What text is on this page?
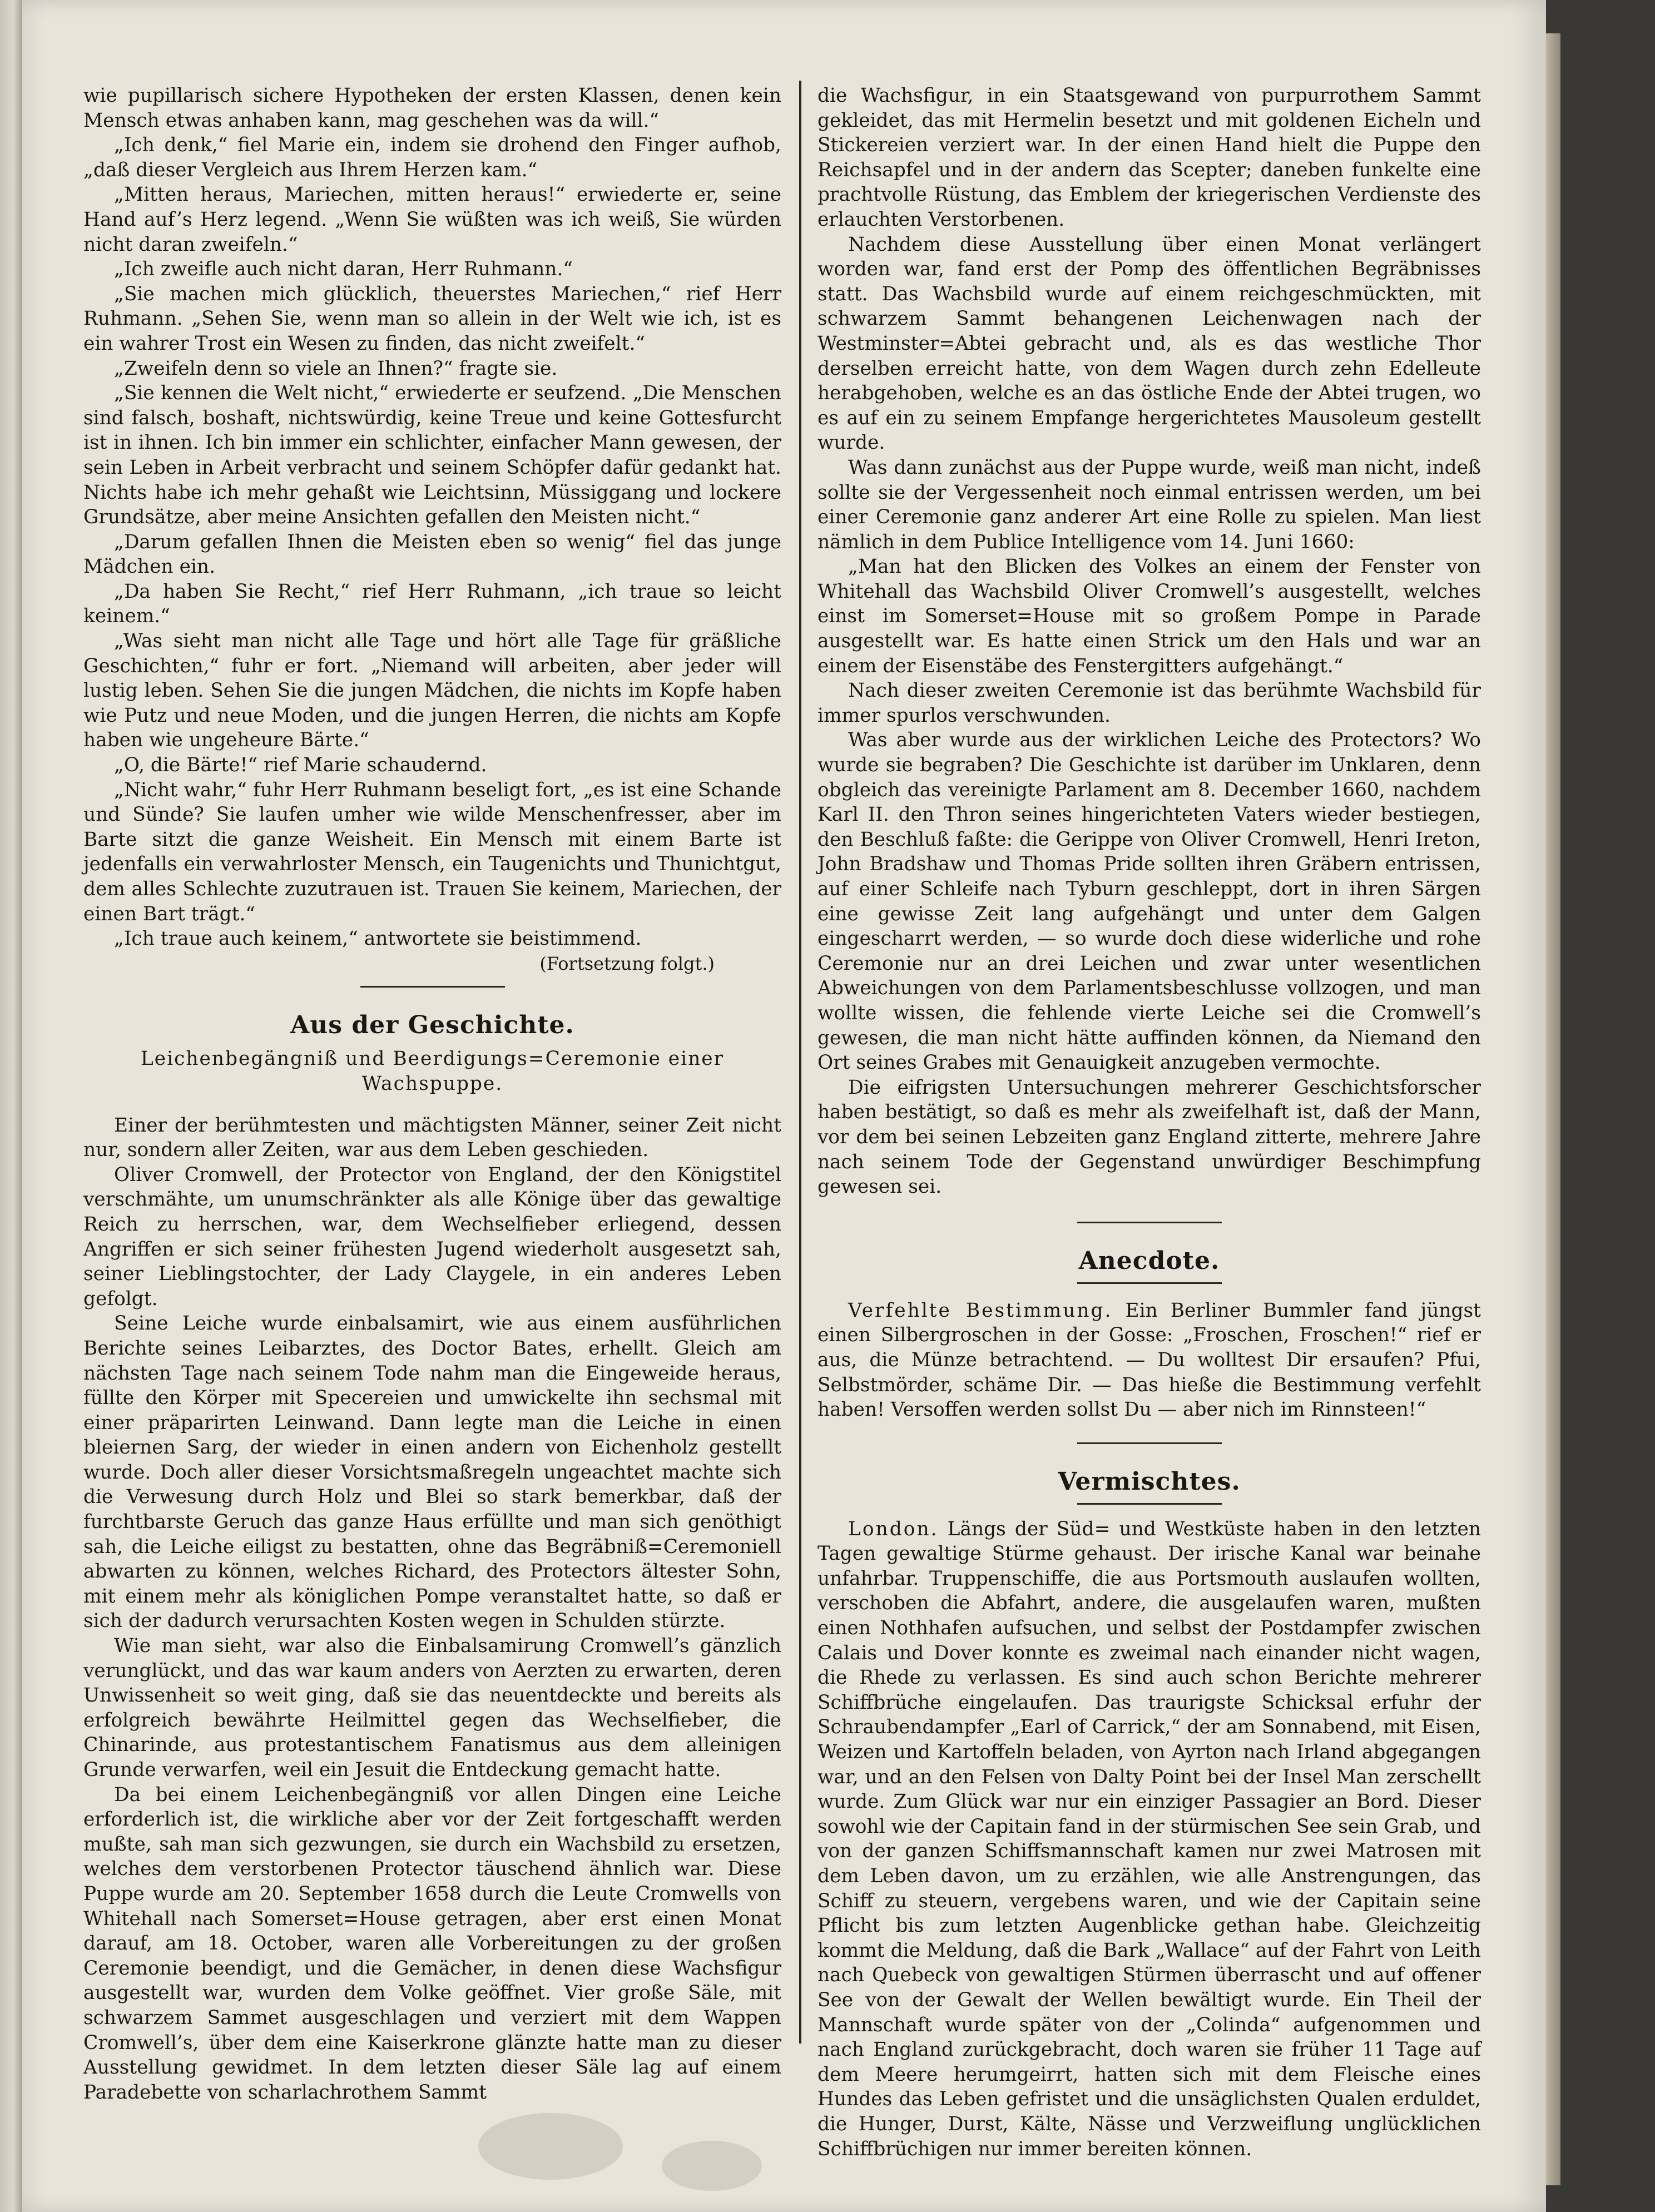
wie pupillarisch sichere Hypotheken der ersten Klassen, denen kein Mensch etwas anhaben kann, mag geschehen was da will.“

„Ich denk,“ fiel Marie ein, indem sie drohend den Finger aufhob, „daß dieser Vergleich aus Ihrem Herzen kam.“

„Mitten heraus, Mariechen, mitten heraus!“ erwiederte er, seine Hand auf’s Herz legend. „Wenn Sie wüßten was ich weiß, Sie würden nicht daran zweifeln.“

„Ich zweifle auch nicht daran, Herr Ruhmann.“

„Sie machen mich glücklich, theuerstes Mariechen,“ rief Herr Ruhmann. „Sehen Sie, wenn man so allein in der Welt wie ich, ist es ein wahrer Trost ein Wesen zu finden, das nicht zweifelt.“

„Zweifeln denn so viele an Ihnen?“ fragte sie.

„Sie kennen die Welt nicht,“ erwiederte er seufzend. „Die Menschen sind falsch, boshaft, nichtswürdig, keine Treue und keine Gottesfurcht ist in ihnen. Ich bin immer ein schlichter, einfacher Mann gewesen, der sein Leben in Arbeit verbracht und seinem Schöpfer dafür gedankt hat. Nichts habe ich mehr gehaßt wie Leichtsinn, Müssiggang und lockere Grundsätze, aber meine Ansichten gefallen den Meisten nicht.“

„Darum gefallen Ihnen die Meisten eben so wenig“ fiel das junge Mädchen ein.

„Da haben Sie Recht,“ rief Herr Ruhmann, „ich traue so leicht keinem.“

„Was sieht man nicht alle Tage und hört alle Tage für gräßliche Geschichten,“ fuhr er fort. „Niemand will arbeiten, aber jeder will lustig leben. Sehen Sie die jungen Mädchen, die nichts im Kopfe haben wie Putz und neue Moden, und die jungen Herren, die nichts am Kopfe haben wie ungeheure Bärte.“

„O, die Bärte!“ rief Marie schaudernd.

„Nicht wahr,“ fuhr Herr Ruhmann beseligt fort, „es ist eine Schande und Sünde? Sie laufen umher wie wilde Menschenfresser, aber im Barte sitzt die ganze Weisheit. Ein Mensch mit einem Barte ist jedenfalls ein verwahrloster Mensch, ein Taugenichts und Thunichtgut, dem alles Schlechte zuzutrauen ist. Trauen Sie keinem, Mariechen, der einen Bart trägt.“

„Ich traue auch keinem,“ antwortete sie beistimmend.

(Fortsetzung folgt.)
Aus der Geschichte.
Leichenbegängniß und Beerdigungs=Ceremonie einer
Wachspuppe.

Einer der berühmtesten und mächtigsten Männer, seiner Zeit nicht nur, sondern aller Zeiten, war aus dem Leben geschieden.

Oliver Cromwell, der Protector von England, der den Königstitel verschmähte, um unumschränkter als alle Könige über das gewaltige Reich zu herrschen, war, dem Wechselfieber erliegend, dessen Angriffen er sich seiner frühesten Jugend wiederholt ausgesetzt sah, seiner Lieblingstochter, der Lady Claygele, in ein anderes Leben gefolgt.

Seine Leiche wurde einbalsamirt, wie aus einem ausführlichen Berichte seines Leibarztes, des Doctor Bates, erhellt. Gleich am nächsten Tage nach seinem Tode nahm man die Eingeweide heraus, füllte den Körper mit Specereien und umwickelte ihn sechsmal mit einer präparirten Leinwand. Dann legte man die Leiche in einen bleiernen Sarg, der wieder in einen andern von Eichenholz gestellt wurde. Doch aller dieser Vorsichtsmaßregeln ungeachtet machte sich die Verwesung durch Holz und Blei so stark bemerkbar, daß der furchtbarste Geruch das ganze Haus erfüllte und man sich genöthigt sah, die Leiche eiligst zu bestatten, ohne das Begräbniß=Ceremoniell abwarten zu können, welches Richard, des Protectors ältester Sohn, mit einem mehr als königlichen Pompe veranstaltet hatte, so daß er sich der dadurch verursachten Kosten wegen in Schulden stürzte.

Wie man sieht, war also die Einbalsamirung Cromwell’s gänzlich verunglückt, und das war kaum anders von Aerzten zu erwarten, deren Unwissenheit so weit ging, daß sie das neuentdeckte und bereits als erfolgreich bewährte Heilmittel gegen das Wechselfieber, die Chinarinde, aus protestantischem Fanatismus aus dem alleinigen Grunde verwarfen, weil ein Jesuit die Entdeckung gemacht hatte.

Da bei einem Leichenbegängniß vor allen Dingen eine Leiche erforderlich ist, die wirkliche aber vor der Zeit fortgeschafft werden mußte, sah man sich gezwungen, sie durch ein Wachsbild zu ersetzen, welches dem verstorbenen Protector täuschend ähnlich war. Diese Puppe wurde am 20. September 1658 durch die Leute Cromwells von Whitehall nach Somerset=House getragen, aber erst einen Monat darauf, am 18. October, waren alle Vorbereitungen zu der großen Ceremonie beendigt, und die Gemächer, in denen diese Wachsfigur ausgestellt war, wurden dem Volke geöffnet. Vier große Säle, mit schwarzem Sammet ausgeschlagen und verziert mit dem Wappen Cromwell’s, über dem eine Kaiserkrone glänzte hatte man zu dieser Ausstellung gewidmet. In dem letzten dieser Säle lag auf einem Paradebette von scharlachrothem Sammt

die Wachsfigur, in ein Staatsgewand von purpurrothem Sammt gekleidet, das mit Hermelin besetzt und mit goldenen Eicheln und Stickereien verziert war. In der einen Hand hielt die Puppe den Reichsapfel und in der andern das Scepter; daneben funkelte eine prachtvolle Rüstung, das Emblem der kriegerischen Verdienste des erlauchten Verstorbenen.

Nachdem diese Ausstellung über einen Monat verlängert worden war, fand erst der Pomp des öffentlichen Begräbnisses statt. Das Wachsbild wurde auf einem reichgeschmückten, mit schwarzem Sammt behangenen Leichenwagen nach der Westminster=Abtei gebracht und, als es das westliche Thor derselben erreicht hatte, von dem Wagen durch zehn Edelleute herabgehoben, welche es an das östliche Ende der Abtei trugen, wo es auf ein zu seinem Empfange hergerichtetes Mausoleum gestellt wurde.

Was dann zunächst aus der Puppe wurde, weiß man nicht, indeß sollte sie der Vergessenheit noch einmal entrissen werden, um bei einer Ceremonie ganz anderer Art eine Rolle zu spielen. Man liest nämlich in dem Publice Intelligence vom 14. Juni 1660:

„Man hat den Blicken des Volkes an einem der Fenster von Whitehall das Wachsbild Oliver Cromwell’s ausgestellt, welches einst im Somerset=House mit so großem Pompe in Parade ausgestellt war. Es hatte einen Strick um den Hals und war an einem der Eisenstäbe des Fenstergitters aufgehängt.“

Nach dieser zweiten Ceremonie ist das berühmte Wachsbild für immer spurlos verschwunden.

Was aber wurde aus der wirklichen Leiche des Protectors? Wo wurde sie begraben? Die Geschichte ist darüber im Unklaren, denn obgleich das vereinigte Parlament am 8. December 1660, nachdem Karl II. den Thron seines hingerichteten Vaters wieder bestiegen, den Beschluß faßte: die Gerippe von Oliver Cromwell, Henri Ireton, John Bradshaw und Thomas Pride sollten ihren Gräbern entrissen, auf einer Schleife nach Tyburn geschleppt, dort in ihren Särgen eine gewisse Zeit lang aufgehängt und unter dem Galgen eingescharrt werden, — so wurde doch diese widerliche und rohe Ceremonie nur an drei Leichen und zwar unter wesentlichen Abweichungen von dem Parlamentsbeschlusse vollzogen, und man wollte wissen, die fehlende vierte Leiche sei die Cromwell’s gewesen, die man nicht hätte auffinden können, da Niemand den Ort seines Grabes mit Genauigkeit anzugeben vermochte.

Die eifrigsten Untersuchungen mehrerer Geschichtsforscher haben bestätigt, so daß es mehr als zweifelhaft ist, daß der Mann, vor dem bei seinen Lebzeiten ganz England zitterte, mehrere Jahre nach seinem Tode der Gegenstand unwürdiger Beschimpfung gewesen sei.

Anecdote.

Verfehlte Bestimmung. Ein Berliner Bummler fand jüngst einen Silbergroschen in der Gosse: „Froschen, Froschen!“ rief er aus, die Münze betrachtend. — Du wolltest Dir ersaufen? Pfui, Selbstmörder, schäme Dir. — Das hieße die Bestimmung verfehlt haben! Versoffen werden sollst Du — aber nich im Rinnsteen!“

Vermischtes.

London. Längs der Süd= und Westküste haben in den letzten Tagen gewaltige Stürme gehaust. Der irische Kanal war beinahe unfahrbar. Truppenschiffe, die aus Portsmouth auslaufen wollten, verschoben die Abfahrt, andere, die ausgelaufen waren, mußten einen Nothhafen aufsuchen, und selbst der Postdampfer zwischen Calais und Dover konnte es zweimal nach einander nicht wagen, die Rhede zu verlassen. Es sind auch schon Berichte mehrerer Schiffbrüche eingelaufen. Das traurigste Schicksal erfuhr der Schraubendampfer „Earl of Carrick,“ der am Sonnabend, mit Eisen, Weizen und Kartoffeln beladen, von Ayrton nach Irland abgegangen war, und an den Felsen von Dalty Point bei der Insel Man zerschellt wurde. Zum Glück war nur ein einziger Passagier an Bord. Dieser sowohl wie der Capitain fand in der stürmischen See sein Grab, und von der ganzen Schiffsmannschaft kamen nur zwei Matrosen mit dem Leben davon, um zu erzählen, wie alle Anstrengungen, das Schiff zu steuern, vergebens waren, und wie der Capitain seine Pflicht bis zum letzten Augenblicke gethan habe. Gleichzeitig kommt die Meldung, daß die Bark „Wallace“ auf der Fahrt von Leith nach Quebeck von gewaltigen Stürmen überrascht und auf offener See von der Gewalt der Wellen bewältigt wurde. Ein Theil der Mannschaft wurde später von der „Colinda“ aufgenommen und nach England zurückgebracht, doch waren sie früher 11 Tage auf dem Meere herumgeirrt, hatten sich mit dem Fleische eines Hundes das Leben gefristet und die unsäglichsten Qualen erduldet, die Hunger, Durst, Kälte, Nässe und Verzweiflung unglücklichen Schiffbrüchigen nur immer bereiten können.
